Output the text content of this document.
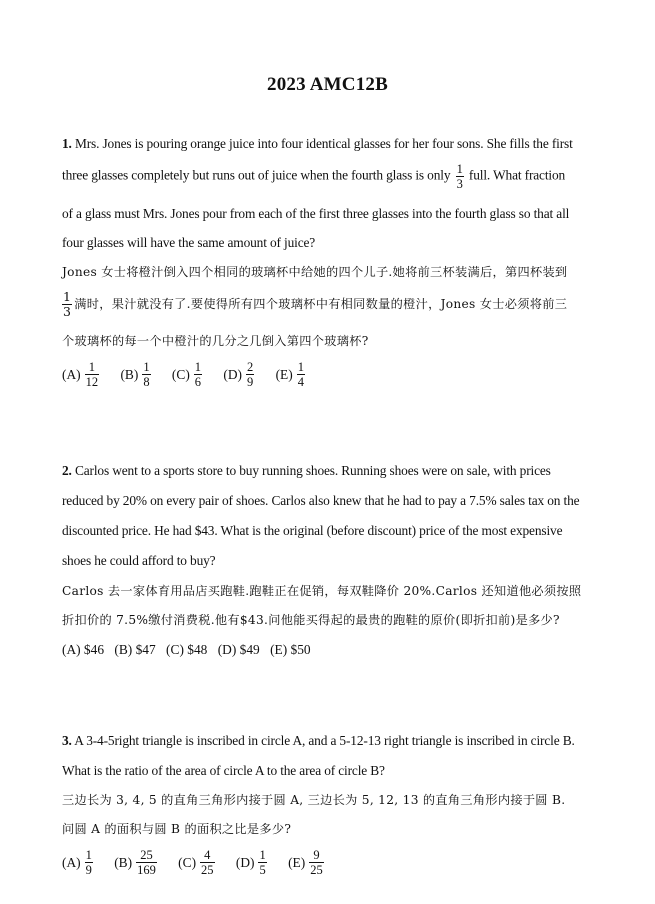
2023 AMC12B
1. Mrs. Jones is pouring orange juice into four identical glasses for her four sons. She fills the first
three glasses completely but runs out of juice when the fourth glass is only $\frac{1}{3}$ full. What fraction
of a glass must Mrs. Jones pour from each of the first three glasses into the fourth glass so that all
four glasses will have the same amount of juice?
Jones 女士将橙汁倒入四个相同的玻璃杯中给她的四个儿子.她将前三杯装满后，第四杯装到
$\frac{1}{3}$ 满时，果汁就没有了.要使得所有四个玻璃杯中有相同数量的橙汁，Jones 女士必须将前三
个玻璃杯的每一个中橙汁的几分之几倒入第四个玻璃杯?
$(A) \frac{1}{12} (B) \frac{1}{8} (C) \frac{1}{6} (D) \frac{2}{9} (E) \frac{1}{4}$
2. Carlos went to a sports store to buy running shoes. Running shoes were on sale, with prices
reduced by 20% on every pair of shoes. Carlos also knew that he had to pay a 7.5% sales tax on the
discounted price. He had $43. What is the original (before discount) price of the most expensive
shoes he could afford to buy?
Carlos 去一家体育用品店买跑鞋.跑鞋正在促销，每双鞋降价 20%.Carlos 还知道他必须按照
折扣价的 7.5%缴付消费税.他有$43.问他能买得起的最贵的跑鞋的原价(即折扣前)是多少?
(A) $46 (B) $47 (C) $48 (D) $49 (E) $50
3. A 3-4-5right triangle is inscribed in circle A, and a 5-12-13 right triangle is inscribed in circle B.
What is the ratio of the area of circle A to the area of circle B?
三边长为 3, 4, 5 的直角三角形内接于圆 A, 三边长为 5, 12, 13 的直角三角形内接于圆 B.
问圆 A 的面积与圆 B 的面积之比是多少?
$(A) \frac{1}{9} (B) \frac{25}{169} (C) \frac{4}{25} (D) \frac{1}{5} (E) \frac{9}{25}$
